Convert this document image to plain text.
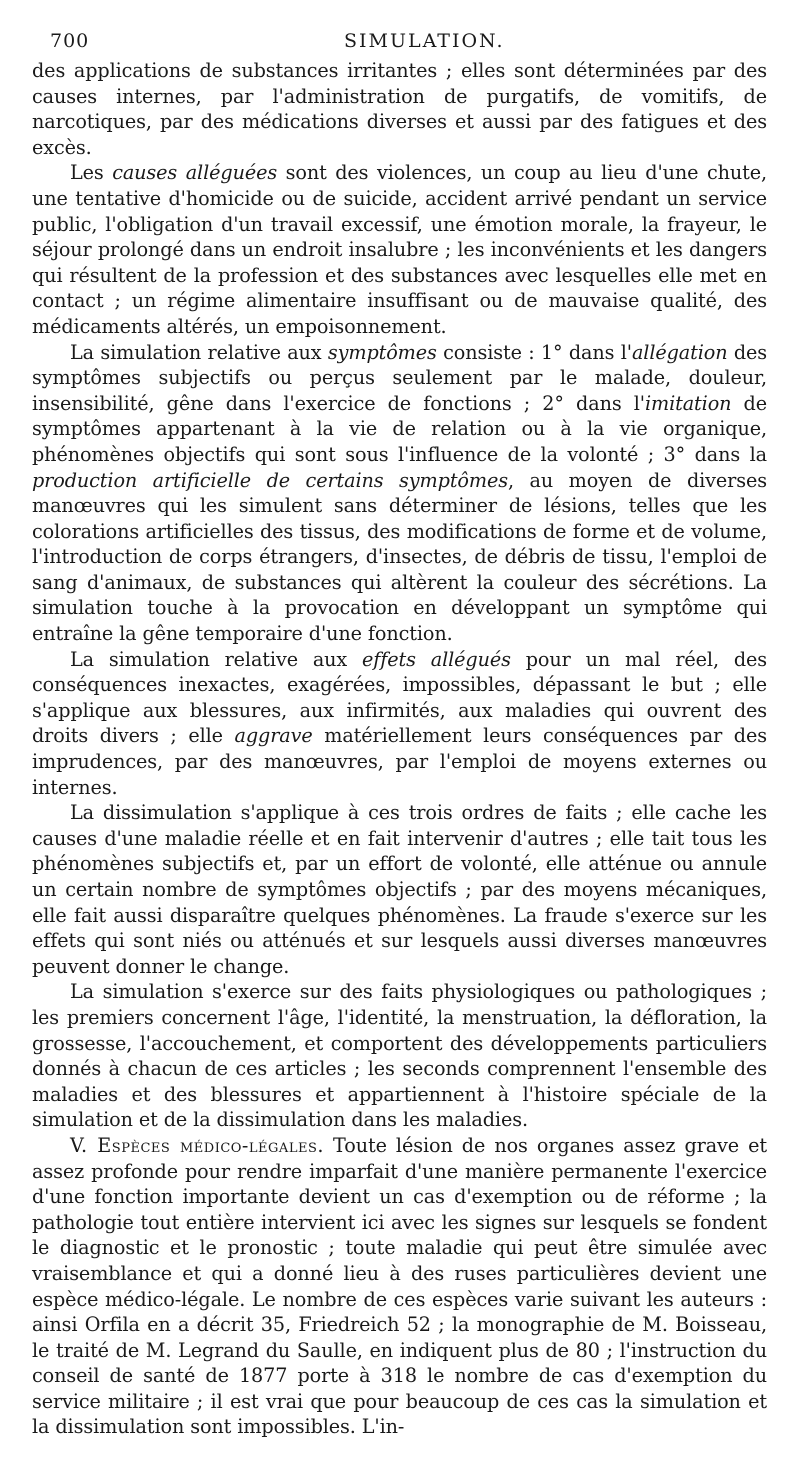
700	SIMULATION.

des applications de substances irritantes ; elles sont déterminées par des causes internes, par l'administration de purgatifs, de vomitifs, de narcotiques, par des médications diverses et aussi par des fatigues et des excès.

Les causes alléguées sont des violences, un coup au lieu d'une chute, une tentative d'homicide ou de suicide, accident arrivé pendant un service public, l'obligation d'un travail excessif, une émotion morale, la frayeur, le séjour prolongé dans un endroit insalubre ; les inconvénients et les dangers qui résultent de la profession et des substances avec lesquelles elle met en contact ; un régime alimentaire insuffisant ou de mauvaise qualité, des médicaments altérés, un empoisonnement.

La simulation relative aux symptômes consiste : 1° dans l'allégation des symptômes subjectifs ou perçus seulement par le malade, douleur, insensibilité, gêne dans l'exercice de fonctions ; 2° dans l'imitation de symptômes appartenant à la vie de relation ou à la vie organique, phénomènes objectifs qui sont sous l'influence de la volonté ; 3° dans la production artificielle de certains symptômes, au moyen de diverses manœuvres qui les simulent sans déterminer de lésions, telles que les colorations artificielles des tissus, des modifications de forme et de volume, l'introduction de corps étrangers, d'insectes, de débris de tissu, l'emploi de sang d'animaux, de substances qui altèrent la couleur des sécrétions. La simulation touche à la provocation en développant un symptôme qui entraîne la gêne temporaire d'une fonction.

La simulation relative aux effets allégués pour un mal réel, des conséquences inexactes, exagérées, impossibles, dépassant le but ; elle s'applique aux blessures, aux infirmités, aux maladies qui ouvrent des droits divers ; elle aggrave matériellement leurs conséquences par des imprudences, par des manœuvres, par l'emploi de moyens externes ou internes.

La dissimulation s'applique à ces trois ordres de faits ; elle cache les causes d'une maladie réelle et en fait intervenir d'autres ; elle tait tous les phénomènes subjectifs et, par un effort de volonté, elle atténue ou annule un certain nombre de symptômes objectifs ; par des moyens mécaniques, elle fait aussi disparaître quelques phénomènes. La fraude s'exerce sur les effets qui sont niés ou atténués et sur lesquels aussi diverses manœuvres peuvent donner le change.

La simulation s'exerce sur des faits physiologiques ou pathologiques ; les premiers concernent l'âge, l'identité, la menstruation, la défloration, la grossesse, l'accouchement, et comportent des développements particuliers donnés à chacun de ces articles ; les seconds comprennent l'ensemble des maladies et des blessures et appartiennent à l'histoire spéciale de la simulation et de la dissimulation dans les maladies.

V. Espèces médico-légales. Toute lésion de nos organes assez grave et assez profonde pour rendre imparfait d'une manière permanente l'exercice d'une fonction importante devient un cas d'exemption ou de réforme ; la pathologie tout entière intervient ici avec les signes sur lesquels se fondent le diagnostic et le pronostic ; toute maladie qui peut être simulée avec vraisemblance et qui a donné lieu à des ruses particulières devient une espèce médico-légale. Le nombre de ces espèces varie suivant les auteurs : ainsi Orfila en a décrit 35, Friedreich 52 ; la monographie de M. Boisseau, le traité de M. Legrand du Saulle, en indiquent plus de 80 ; l'instruction du conseil de santé de 1877 porte à 318 le nombre de cas d'exemption du service militaire ; il est vrai que pour beaucoup de ces cas la simulation et la dissimulation sont impossibles. L'in-
